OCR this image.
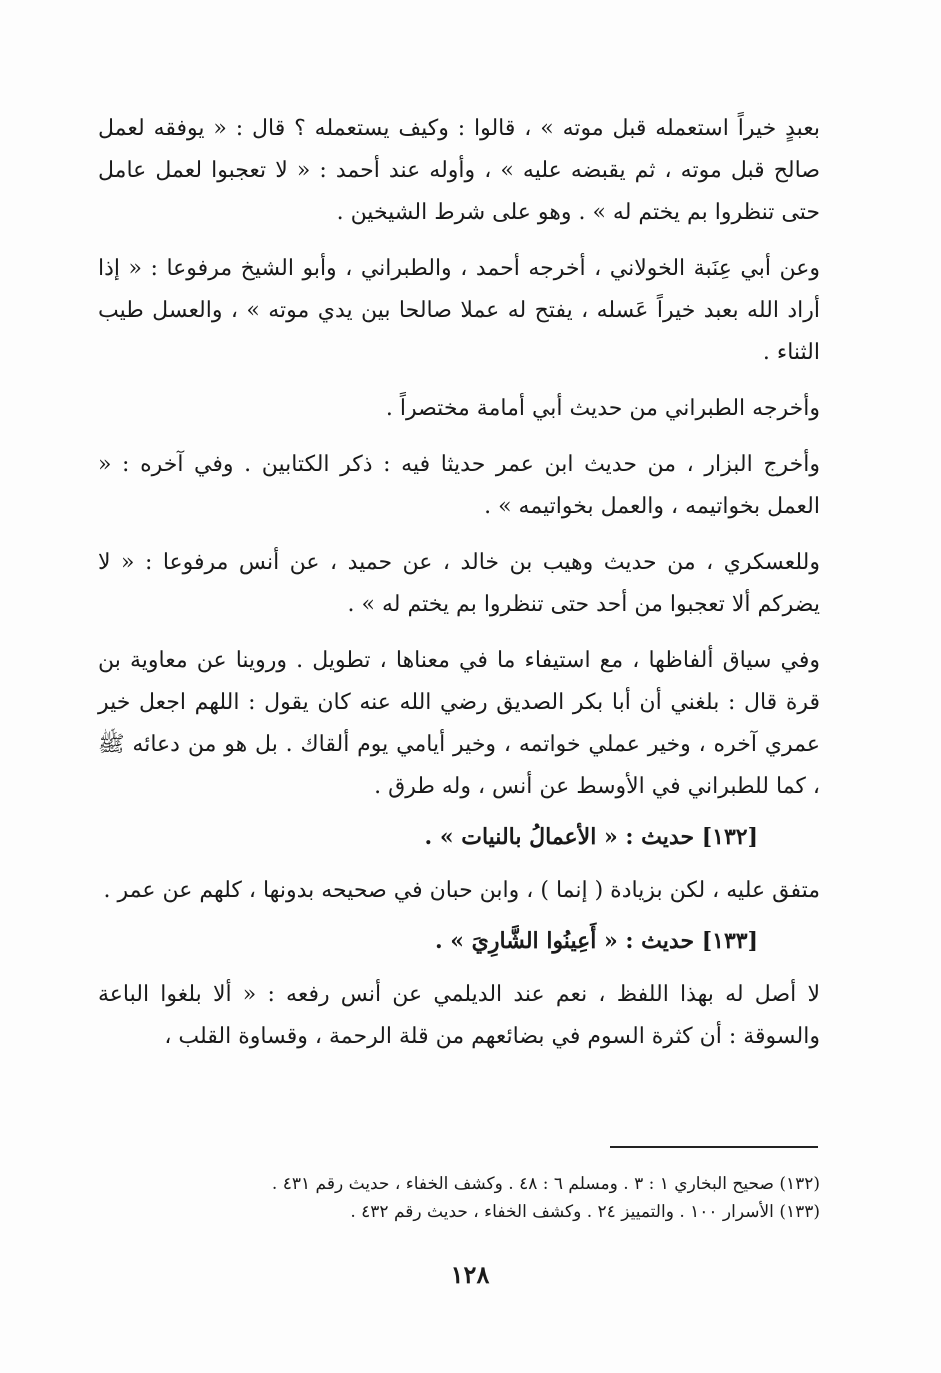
بعبدٍ خيراً استعمله قبل موته » ، قالوا : وكيف يستعمله ؟ قال : « يوفقه لعمل صالح قبل موته ، ثم يقبضه عليه » ، وأوله عند أحمد : « لا تعجبوا لعمل عامل حتى تنظروا بم يختم له » . وهو على شرط الشيخين .

وعن أبي عِنَبة الخولاني ، أخرجه أحمد ، والطبراني ، وأبو الشيخ مرفوعا : « إذا أراد الله بعبد خيراً عَسله ، يفتح له عملا صالحا بين يدي موته » ، والعسل طيب الثناء .

وأخرجه الطبراني من حديث أبي أمامة مختصراً .

وأخرج البزار ، من حديث ابن عمر حديثا فيه : ذكر الكتابين . وفي آخره : « العمل بخواتيمه ، والعمل بخواتيمه » .

وللعسكري ، من حديث وهيب بن خالد ، عن حميد ، عن أنس مرفوعا : « لا يضركم ألا تعجبوا من أحد حتى تنظروا بم يختم له » .

وفي سياق ألفاظها ، مع استيفاء ما في معناها ، تطويل . وروينا عن معاوية بن قرة قال : بلغني أن أبا بكر الصديق رضي الله عنه كان يقول : اللهم اجعل خير عمري آخره ، وخير عملي خواتمه ، وخير أيامي يوم ألقاك . بل هو من دعائه ﷺ ، كما للطبراني في الأوسط عن أنس ، وله طرق .

[١٣٢] حديث : « الأعمالُ بالنيات » .

متفق عليه ، لكن بزيادة ( إنما ) ، وابن حبان في صحيحه بدونها ، كلهم عن عمر .

[١٣٣] حديث : « أَعِينُوا الشَّارِيَ » .

لا أصل له بهذا اللفظ ، نعم عند الديلمي عن أنس رفعه : « ألا بلغوا الباعة والسوقة : أن كثرة السوم في بضائعهم من قلة الرحمة ، وقساوة القلب ،

(١٣٢) صحيح البخاري ١ : ٣ . ومسلم ٦ : ٤٨ . وكشف الخفاء ، حديث رقم ٤٣١ .

(١٣٣) الأسرار ١٠٠ . والتمييز ٢٤ . وكشف الخفاء ، حديث رقم ٤٣٢ .

١٢٨
